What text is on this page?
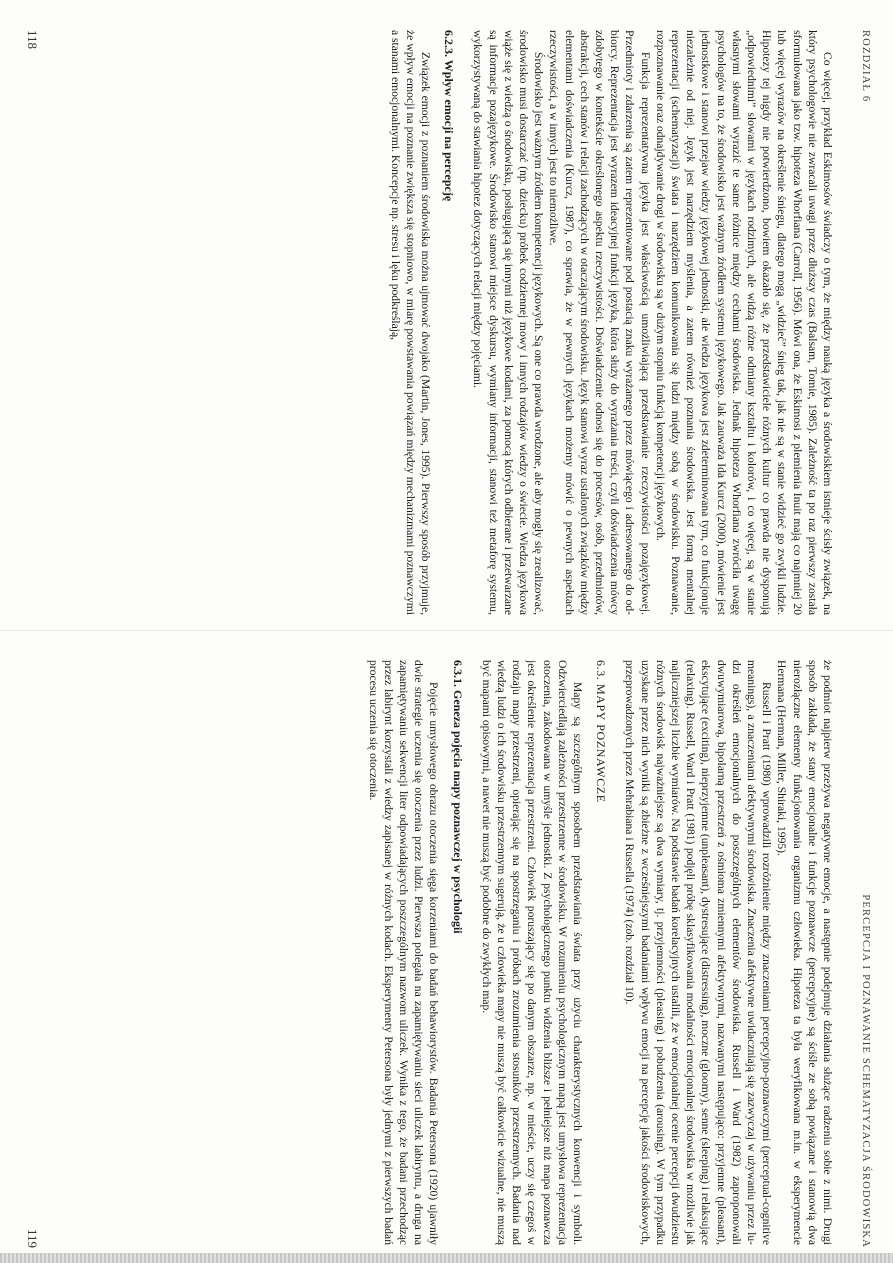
ROZDZIAŁ 6

Co więcej, przykład Eskimosów świadczy o tym, że między nauką języka a środowiskiem istnieje ścisły związek, na który psychologowie nie zwracali uwagi przez dłuższy czas (Balsam, Tomie, 1985). Zależność ta po raz pierwszy została sformułowana jako tzw. hipoteza Whorfiana (Carroll, 1956). Mówi ona, że Eskimosi z plemienia Inuit mają co najmniej 20 lub więcej wyrazów na określenie śniegu, dlatego mogą „widzieć” śnieg tak, jak nie są w stanie widzieć go zwykli ludzie. Hipotezy tej nigdy nie potwierdzono, bowiem okazało się, że przedstawiciele różnych kultur co prawda nie dysponują „odpowiednimi” słowami w językach rodzimych, ale widzą różne odmiany kształtu i kolorów, i co więcej, są w stanie własnymi słowami wyrazić te same różnice między cechami środowiska. Jednak hipoteza Whorfiana zwróciła uwagę psychologów na to, że środowisko jest ważnym źródłem systemu językowego. Jak zauważa Ida Kurcz (2000), mówienie jest jednostkowe i stanowi przejaw wiedzy językowej jednostki, ale wiedza językowa jest zdeterminowana tym, co funkcjonuje niezależnie od niej. Język jest narzędziem myślenia, a zatem również poznania środowiska. Jest formą mentalnej reprezentacji (schematyzacji) świata i narzędziem komunikowania się ludzi między sobą w środowisku. Poznawanie, rozpoznawanie oraz odnajdywanie drogi w środowisku są w dużym stopniu funkcją kompetencji językowych.

Funkcja reprezentatywna języka jest właściwością umożliwiającą przedstawianie rzeczywistości pozajęzykowej. Przedmioty i zdarzenia są zatem reprezentowane pod postacią znaku wyrażanego przez mówiącego i adresowanego do odbiorcy. Reprezentacja jest wyrazem ideacyjnej funkcji języka, która służy do wyrażania treści, czyli doświadczenia mówcy zdobytego w kontekście określonego aspektu rzeczywistości. Doświadczenie odnosi się do procesów, osób, przedmiotów, abstrakcji, cech stanów i relacji zachodzących w otaczającym środowisku. Język stanowi wyraz ustalonych związków między elementami doświadczenia (Kurcz, 1987), co sprawia, że w pewnych językach możemy mówić o pewnych aspektach rzeczywistości, a w innych jest to niemożliwe.

Środowisko jest ważnym źródłem kompetencji językowych. Są one co prawda wrodzone, ale aby mogły się zrealizować, środowisko musi dostarczać (np. dziecku) próbek codziennej mowy i innych rodzajów wiedzy o świecie. Wiedza językowa wiąże się z wiedzą o środowisku, posługującą się innymi niż językowe kodami, za pomocą których odbierane i przetwarzane są informacje pozajęzykowe. Środowisko stanowi miejsce dyskursu, wymiany informacji, stanowi też metaforę systemu, wykorzystywaną do stawiania hipotez dotyczących relacji między pojęciami.

6.2.3. Wpływ emocji na percepcję

Związek emocji z poznaniem środowiska można ujmować dwojako (Martin, Jones, 1995). Pierwszy sposób przyjmuje, że wpływ emocji na poznanie zwiększa się stopniowo, w miarę powstawania powiązań między mechanizmami poznawczymi a stanami emocjonalnymi. Koncepcje np. stresu i lęku podkreślają,

118
PERCEPCJA I POZNAWANIE SCHEMATYZACJA ŚRODOWISKA

że podmiot najpierw przeżywa negatywne emocje, a następnie podejmuje działania służące radzeniu sobie z nimi. Drugi sposób zakłada, że stany emocjonalne i funkcje poznawcze (percepcyjne) są ściśle ze sobą powiązane i stanowią dwa nierozłączne elementy funkcjonowania organizmu człowieka. Hipoteza ta była weryfikowana m.in. w eksperymencie Hermana (Herman, Miller, Shiraki, 1995).

Russell i Pratt (1980) wprowadzili rozróżnienie między znaczeniami percepcyjno-poznawczymi (perceptual-cognitive meanings), a znaczeniami afektywnymi środowiska. Znaczenia afektywne uwidaczniają się zazwyczaj w używaniu przez ludzi określeń emocjonalnych do poszczególnych elementów środowiska. Russell i Ward (1982) zaproponowali dwuwymiarową, bipolarną przestrzeń z ośmioma zmiennymi afektywnymi, nazwanymi następująco: przyjemne (pleasant), ekscytujące (exciting), nieprzyjemne (unpleasant), dystresujące (distressing), moczne (gloomy), senne (sleeping) i relaksujące (relaxing). Russell, Ward i Pratt (1981) podjęli próbę sklasyfikowania modalności emocjonalnej środowiska w możliwie jak najliczniejszej liczbie wymiarów. Na podstawie badań korelacyjnych ustalili, że w emocjonalnej ocenie percepcji dwudziestu różnych środowisk najważniejsze są dwa wymiary, tj. przyjemności (pleasing) i pobudzenia (arousing). W tym przypadku uzyskane przez nich wyniki są zbieżne z wcześniejszymi badaniami wpływu emocji na percepcję jakości środowiskowych, przeprowadzonych przez Mehrabiana i Russella (1974) (zob. rozdział 10).

6.3. MAPY POZNAWCZE

Mapy są szczególnym sposobem przedstawiania świata przy użyciu charakterystycznych konwencji i symboli. Odzwierciedlają zależności przestrzenne w środowisku. W rozumieniu psychologicznym mapą jest umysłowa reprezentacja otoczenia, zakodowana w umyśle jednostki. Z psychologicznego punktu widzenia bliższe i pełniejsze niż mapa poznawcza jest określenie reprezentacja przestrzeni. Człowiek poruszający się po danym obszarze, np. w mieście, uczy się czegoś w rodzaju mapy przestrzeni, opierając się na spostrzeganiu i próbach zrozumienia stosunków przestrzennych. Badania nad wiedzą ludzi o ich środowisku przestrzennym sugerują, że u człowieka mapy nie muszą być całkowicie wizualne, nie muszą być mapami opisowymi, a nawet nie muszą być podobne do zwykłych map.

6.3.1. Geneza pojęcia mapy poznawczej w psychologii

Pojęcie umysłowego obrazu otoczenia sięga korzeniami do badań behawiorystów. Badania Petersona (1920) ujawniły dwie strategie uczenia się otoczenia przez ludzi. Pierwsza polegała na zapamiętywaniu sieci uliczek labiryntu, a druga na zapamiętywaniu sekwencji liter odpowiadających poszczególnym nazwom uliczek. Wynika z tego, że badani przechodząc przez labirynt korzystali z wiedzy zapisanej w różnych kodach. Eksperymenty Petersona były jednymi z pierwszych badań procesu uczenia się otoczenia.

119
